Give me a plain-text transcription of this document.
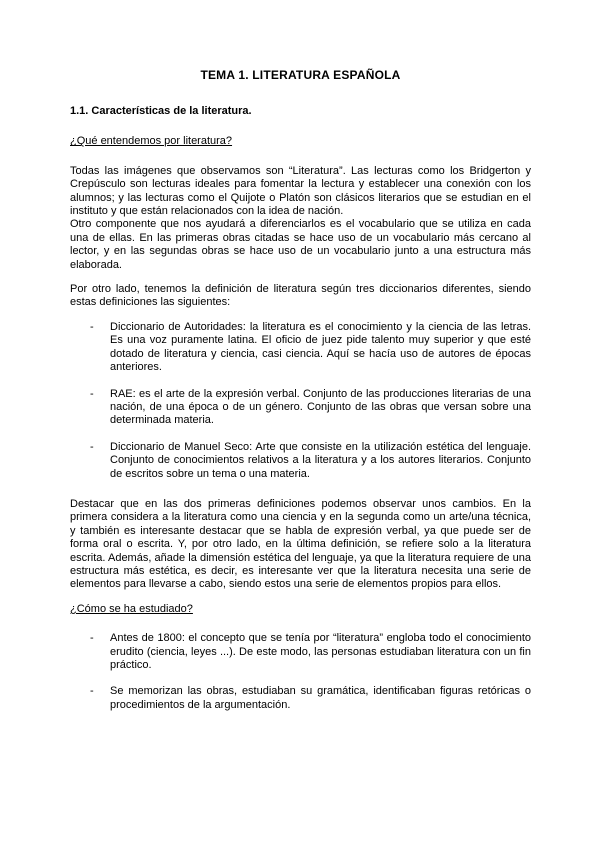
TEMA 1. LITERATURA ESPAÑOLA
1.1. Características de la literatura.
¿Qué entendemos por literatura?

Todas las imágenes que observamos son “Literatura”. Las lecturas como los Bridgerton y Crepúsculo son lecturas ideales para fomentar la lectura y establecer una conexión con los alumnos; y las lecturas como el Quijote o Platón son clásicos literarios que se estudian en el instituto y que están relacionados con la idea de nación.

Otro componente que nos ayudará a diferenciarlos es el vocabulario que se utiliza en cada una de ellas. En las primeras obras citadas se hace uso de un vocabulario más cercano al lector, y en las segundas obras se hace uso de un vocabulario junto a una estructura más elaborada.

Por otro lado, tenemos la definición de literatura según tres diccionarios diferentes, siendo estas definiciones las siguientes:

-	Diccionario de Autoridades: la literatura es el conocimiento y la ciencia de las letras. Es una voz puramente latina. El oficio de juez pide talento muy superior y que esté dotado de literatura y ciencia, casi ciencia. Aquí se hacía uso de autores de épocas anteriores.
-	RAE: es el arte de la expresión verbal. Conjunto de las producciones literarias de una nación, de una época o de un género. Conjunto de las obras que versan sobre una determinada materia.
-	Diccionario de Manuel Seco: Arte que consiste en la utilización estética del lenguaje. Conjunto de conocimientos relativos a la literatura y a los autores literarios. Conjunto de escritos sobre un tema o una materia.

Destacar que en las dos primeras definiciones podemos observar unos cambios. En la primera considera a la literatura como una ciencia y en la segunda como un arte/una técnica, y también es interesante destacar que se habla de expresión verbal, ya que puede ser de forma oral o escrita. Y, por otro lado, en la última definición, se refiere solo a la literatura escrita. Además, añade la dimensión estética del lenguaje, ya que la literatura requiere de una estructura más estética, es decir, es interesante ver que la literatura necesita una serie de elementos para llevarse a cabo, siendo estos una serie de elementos propios para ellos.

¿Cómo se ha estudiado?
-	Antes de 1800: el concepto que se tenía por “literatura” engloba todo el conocimiento erudito (ciencia, leyes ...). De este modo, las personas estudiaban literatura con un fin práctico.
-	Se memorizan las obras, estudiaban su gramática, identificaban figuras retóricas o procedimientos de la argumentación.
